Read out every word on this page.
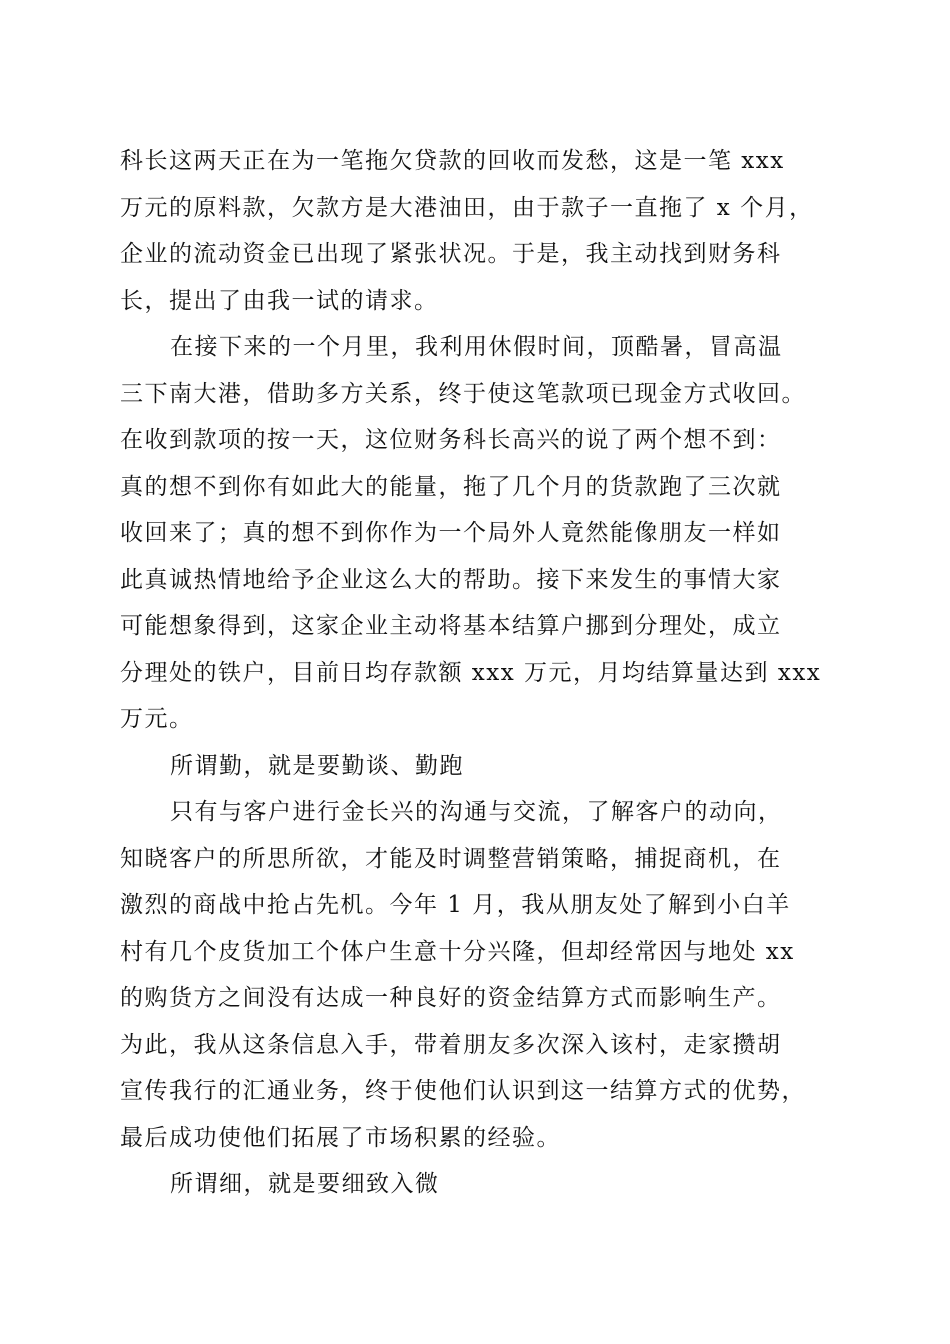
科长这两天正在为一笔拖欠贷款的回收而发愁，这是一笔 xxx
万元的原料款，欠款方是大港油田，由于款子一直拖了 x 个月，
企业的流动资金已出现了紧张状况。于是，我主动找到财务科
长，提出了由我一试的请求。
在接下来的一个月里，我利用休假时间，顶酷暑，冒高温
三下南大港，借助多方关系，终于使这笔款项已现金方式收回。
在收到款项的按一天，这位财务科长高兴的说了两个想不到：
真的想不到你有如此大的能量，拖了几个月的货款跑了三次就
收回来了；真的想不到你作为一个局外人竟然能像朋友一样如
此真诚热情地给予企业这么大的帮助。接下来发生的事情大家
可能想象得到，这家企业主动将基本结算户挪到分理处，成立
分理处的铁户，目前日均存款额 xxx 万元，月均结算量达到 xxx
万元。
所谓勤，就是要勤谈、勤跑
只有与客户进行金长兴的沟通与交流，了解客户的动向，
知晓客户的所思所欲，才能及时调整营销策略，捕捉商机，在
激烈的商战中抢占先机。今年 1 月，我从朋友处了解到小白羊
村有几个皮货加工个体户生意十分兴隆，但却经常因与地处 xx
的购货方之间没有达成一种良好的资金结算方式而影响生产。
为此，我从这条信息入手，带着朋友多次深入该村，走家攒胡
宣传我行的汇通业务，终于使他们认识到这一结算方式的优势，
最后成功使他们拓展了市场积累的经验。
所谓细，就是要细致入微
